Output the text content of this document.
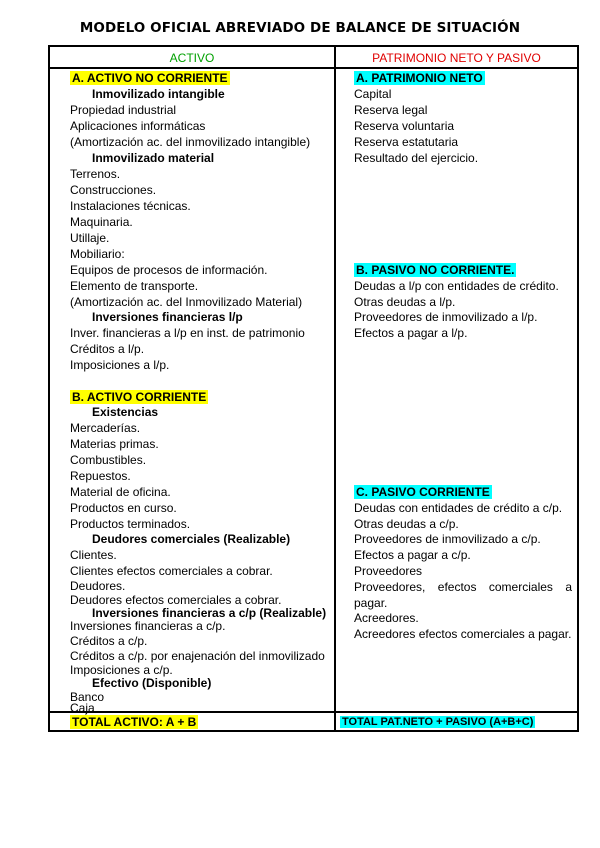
MODELO OFICIAL ABREVIADO DE BALANCE DE SITUACIÓN
ACTIVO
A. ACTIVO NO CORRIENTE
Inmovilizado intangible
Propiedad industrial
Aplicaciones informáticas
(Amortización ac. del inmovilizado intangible)
Inmovilizado material
Terrenos.
Construcciones.
Instalaciones técnicas.
Maquinaria.
Utillaje.
Mobiliario:
Equipos de procesos de información.
Elemento de transporte.
(Amortización ac. del Inmovilizado Material)
Inversiones financieras l/p
Inver. financieras a l/p en inst. de patrimonio
Créditos a l/p.
Imposiciones a l/p.
B. ACTIVO CORRIENTE
Existencias
Mercaderías.
Materias primas.
Combustibles.
Repuestos.
Material de oficina.
Productos en curso.
Productos terminados.
Deudores comerciales (Realizable)
Clientes.
Clientes efectos comerciales a cobrar.
Deudores.
Deudores efectos comerciales a cobrar.
Inversiones financieras a c/p (Realizable)
Inversiones financieras a c/p.
Créditos a c/p.
Créditos a c/p. por enajenación del inmovilizado
Imposiciones a c/p.
Efectivo (Disponible)
Banco
Caja
TOTAL ACTIVO: A + B
PATRIMONIO NETO Y PASIVO
A. PATRIMONIO NETO
Capital
Reserva legal
Reserva voluntaria
Reserva estatutaria
Resultado del ejercicio.
B. PASIVO NO CORRIENTE.
Deudas a l/p con entidades de crédito.
Otras deudas a l/p.
Proveedores de inmovilizado a l/p.
Efectos a pagar a l/p.
C. PASIVO CORRIENTE
Deudas con entidades de crédito a c/p.
Otras deudas a c/p.
Proveedores de inmovilizado a c/p.
Efectos a pagar a c/p.
Proveedores
Proveedores, efectos comerciales a pagar.
Acreedores.
Acreedores efectos comerciales a pagar.
TOTAL PAT.NETO + PASIVO (A+B+C)
